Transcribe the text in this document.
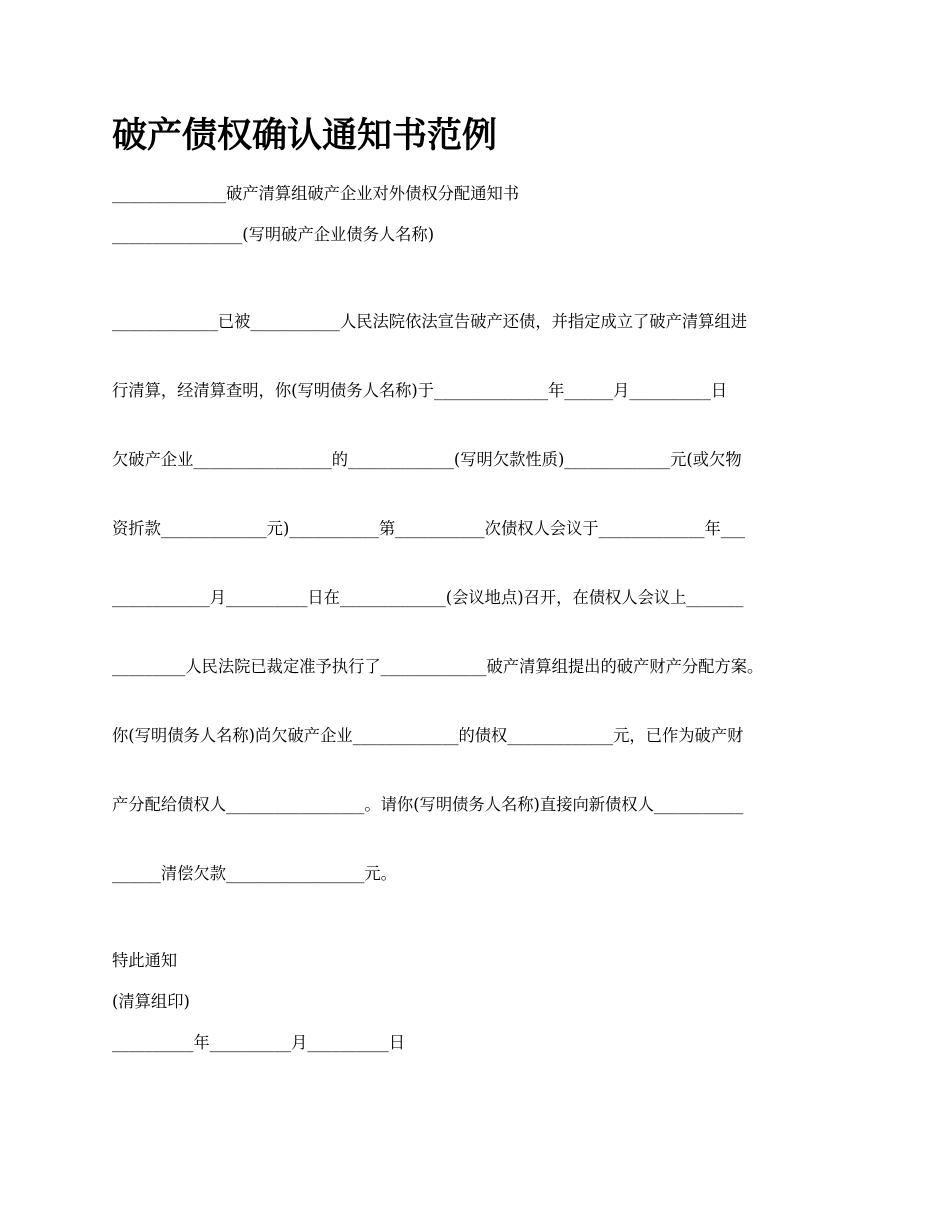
破产债权确认通知书范例

______________破产清算组破产企业对外债权分配通知书

________________(写明破产企业债务人名称)

_____________已被___________人民法院依法宣告破产还债，并指定成立了破产清算组进

行清算，经清算查明，你(写明债务人名称)于______________年______月__________日

欠破产企业_________________的_____________(写明欠款性质)_____________元(或欠物

资折款_____________元)___________第___________次债权人会议于_____________年___

____________月__________日在_____________(会议地点)召开，在债权人会议上_______

_________人民法院已裁定准予执行了_____________破产清算组提出的破产财产分配方案。

你(写明债务人名称)尚欠破产企业_____________的债权_____________元，已作为破产财

产分配给债权人_________________。请你(写明债务人名称)直接向新债权人___________

______清偿欠款_________________元。

特此通知

(清算组印)

__________年__________月__________日
